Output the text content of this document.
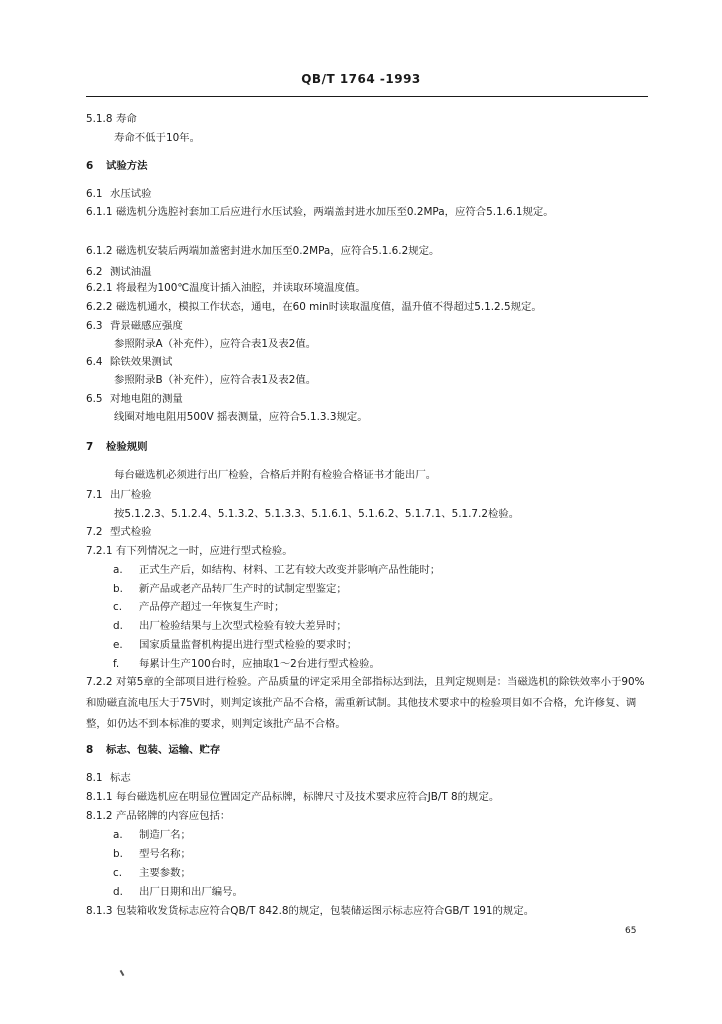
QB/T 1764 -1993
5.1.8 寿命
寿命不低于10年。
6 试验方法
6.1 水压试验
6.1.1 磁选机分选腔衬套加工后应进行水压试验，两端盖封进水加压至0.2MPa，应符合5.1.6.1规定。
6.1.2 磁选机安装后两端加盖密封进水加压至0.2MPa，应符合5.1.6.2规定。
6.2 测试油温
6.2.1 将最程为100℃温度计插入油腔，并读取环境温度值。
6.2.2 磁选机通水，模拟工作状态，通电，在60 min时读取温度值，温升值不得超过5.1.2.5规定。
6.3 背景磁感应强度
参照附录A（补充件），应符合表1及表2值。
6.4 除铁效果测试
参照附录B（补充件），应符合表1及表2值。
6.5 对地电阻的测量
线圈对地电阻用500V 摇表测量，应符合5.1.3.3规定。
7 检验规则
每台磁选机必须进行出厂检验，合格后并附有检验合格证书才能出厂。
7.1 出厂检验
按5.1.2.3、5.1.2.4、5.1.3.2、5.1.3.3、5.1.6.1、5.1.6.2、5.1.7.1、5.1.7.2检验。
7.2 型式检验
7.2.1 有下列情况之一时，应进行型式检验。
a. 正式生产后，如结构、材料、工艺有较大改变并影响产品性能时；
b. 新产品或老产品转厂生产时的试制定型鉴定；
c. 产品停产超过一年恢复生产时；
d. 出厂检验结果与上次型式检验有较大差异时；
e. 国家质量监督机构提出进行型式检验的要求时；
f. 每累计生产100台时，应抽取1～2台进行型式检验。
7.2.2 对第5章的全部项目进行检验。产品质量的评定采用全部指标达到法，且判定规则是：当磁选机的除铁效率小于90%和励磁直流电压大于75V时，则判定该批产品不合格，需重新试制。其他技术要求中的检验项目如不合格，允许修复、调整，如仍达不到本标准的要求，则判定该批产品不合格。
8 标志、包装、运输、贮存
8.1 标志
8.1.1 每台磁选机应在明显位置固定产品标牌，标牌尺寸及技术要求应符合JB/T 8的规定。
8.1.2 产品铭牌的内容应包括：
a. 制造厂名；
b. 型号名称；
c. 主要参数；
d. 出厂日期和出厂编号。
8.1.3 包装箱收发货标志应符合QB/T 842.8的规定，包装储运图示标志应符合GB/T 191的规定。
65
